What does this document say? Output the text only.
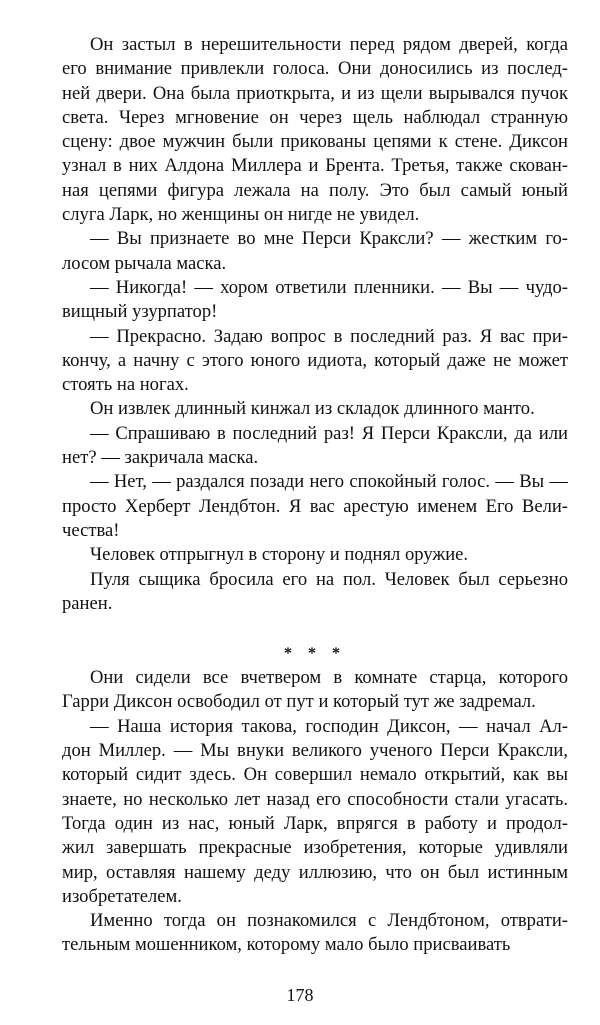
Он застыл в нерешительности перед рядом дверей, когда
его внимание привлекли голоса. Они доносились из послед-
ней двери. Она была приоткрыта, и из щели вырывался пучок
света. Через мгновение он через щель наблюдал странную
сцену: двое мужчин были прикованы цепями к стене. Диксон
узнал в них Алдона Миллера и Брента. Третья, также скован-
ная цепями фигура лежала на полу. Это был самый юный
слуга Ларк, но женщины он нигде не увидел.
— Вы признаете во мне Перси Краксли? — жестким го-
лосом рычала маска.
— Никогда! — хором ответили пленники. — Вы — чудо-
вищный узурпатор!
— Прекрасно. Задаю вопрос в последний раз. Я вас при-
кончу, а начну с этого юного идиота, который даже не может
стоять на ногах.
Он извлек длинный кинжал из складок длинного манто.
— Спрашиваю в последний раз! Я Перси Краксли, да или
нет? — закричала маска.
— Нет, — раздался позади него спокойный голос. — Вы —
просто Херберт Лендбтон. Я вас арестую именем Его Вели-
чества!
Человек отпрыгнул в сторону и поднял оружие.
Пуля сыщика бросила его на пол. Человек был серьезно
ранен.
* * *
Они сидели все вчетвером в комнате старца, которого
Гарри Диксон освободил от пут и который тут же задремал.
— Наша история такова, господин Диксон, — начал Ал-
дон Миллер. — Мы внуки великого ученого Перси Краксли,
который сидит здесь. Он совершил немало открытий, как вы
знаете, но несколько лет назад его способности стали угасать.
Тогда один из нас, юный Ларк, впрягся в работу и продол-
жил завершать прекрасные изобретения, которые удивляли
мир, оставляя нашему деду иллюзию, что он был истинным
изобретателем.
Именно тогда он познакомился с Лендбтоном, отврати-
тельным мошенником, которому мало было присваивать
178
